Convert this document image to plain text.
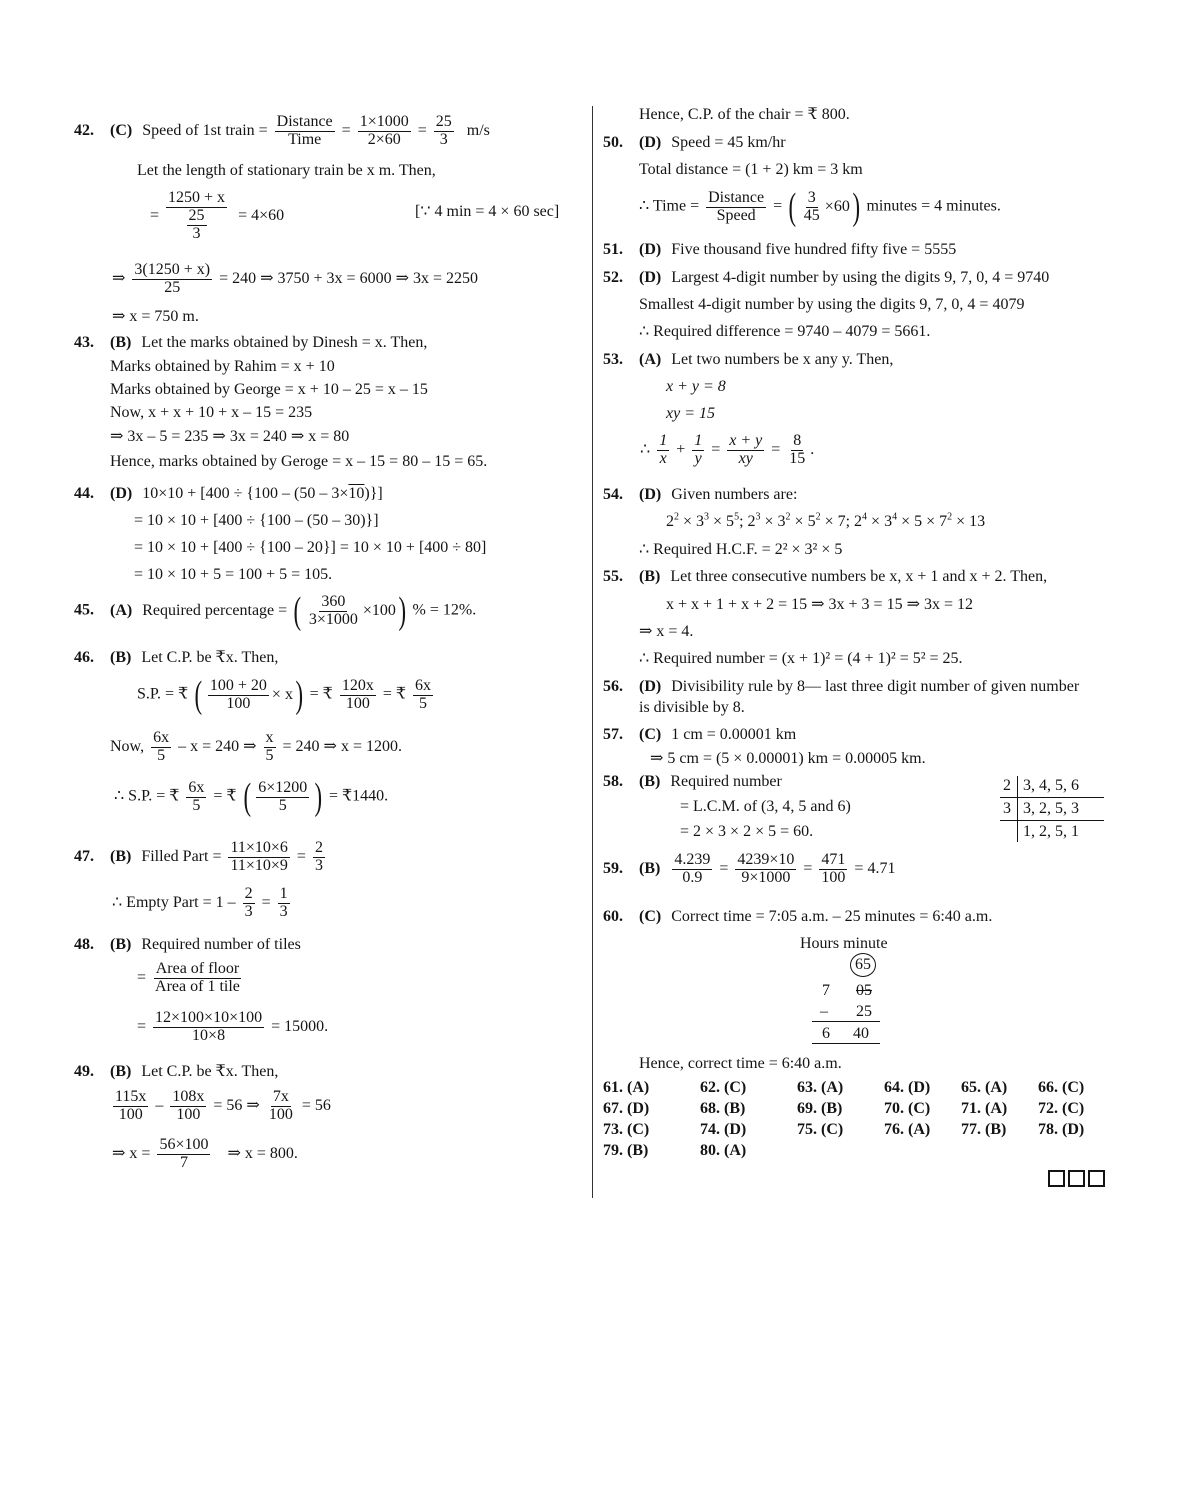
42. (C) Speed of 1st train = $\frac{\text{Distance}}{\text{Time}} = \frac{1\times 1000}{2\times 60} = \frac{25}{3} m/s$
Let the length of stationary train be x m. Then,
= $\frac{1250 + x}{\frac{25}{3}} = 4\times 60$	[∵ 4 min = 4 × 60 sec]
⇒ $\frac{3(1250 + x)}{25} = 240$ ⇒ 3750 + 3x = 6000 ⇒ 3x = 2250
⇒ x = 750 m.
43. (B) Let the marks obtained by Dinesh = x. Then,
Marks obtained by Rahim = x + 10
Marks obtained by George = x + 10 – 25 = x – 15
Now, x + x + 10 + x – 15 = 235
⇒ 3x – 5 = 235 ⇒ 3x = 240 ⇒ x = 80
Hence, marks obtained by Geroge = x – 15 = 80 – 15 = 65.
44. (D) 10×10 + [400 ÷ {100 – (50 – 3×10)}]
= 10 × 10 + [400 ÷ {100 – (50 – 30)}]
= 10 × 10 + [400 ÷ {100 – 20}] = 10 × 10 + [400 ÷ 80]
= 10 × 10 + 5 = 100 + 5 = 105.
45. (A) Required percentage = ( $\frac{360}{3\times 1000} \times 100$ ) % = 12%.
46. (B) Let C.P. be ₹x. Then,
S.P. = ₹ ( $\frac{100 + 20}{100} \times x$ ) = ₹ $\frac{120x}{100}$ = ₹ $\frac{6x}{5}$
Now, $\frac{6x}{5} - x = 240$ ⇒ $\frac{x}{5} = 240$ ⇒ x = 1200.
∴ S.P. = ₹ $\frac{6x}{5}$ = ₹ ( $\frac{6\times 1200}{5}$ ) = ₹1440.
47. (B) Filled Part = $\frac{11\times 10\times 6}{11\times 10\times 9} = \frac{2}{3}$
∴ Empty Part = $1 - \frac{2}{3} = \frac{1}{3}$
48. (B) Required number of tiles
= $\frac{\text{Area of floor}}{\text{Area of 1 tile}}$
= $\frac{12\times 100\times 10\times 100}{10\times 8} = 15000$.
49. (B) Let C.P. be ₹x. Then,
$\frac{115x}{100} - \frac{108x}{100} = 56$ ⇒ $\frac{7x}{100} = 56$
⇒ $x = \frac{56\times 100}{7}$ ⇒ x = 800.
Hence, C.P. of the chair = ₹ 800.
50. (D) Speed = 45 km/hr
Total distance = (1 + 2) km = 3 km
∴ Time = $\frac{\text{Distance}}{\text{Speed}}$ = ( $\frac{3}{45} \times 60$ ) minutes = 4 minutes.
51. (D) Five thousand five hundred fifty five = 5555
52. (D) Largest 4-digit number by using the digits 9, 7, 0, 4 = 9740
Smallest 4-digit number by using the digits 9, 7, 0, 4 = 4079
∴ Required difference = 9740 – 4079 = 5661.
53. (A) Let two numbers be x any y. Then,
x + y = 8
xy = 15
∴ $\frac{1}{x} + \frac{1}{y} = \frac{x + y}{xy} = \frac{8}{15}$ .
54. (D) Given numbers are:
$2^2 \times 3^3 \times 5^5$; $2^3 \times 3^2 \times 5^2 \times 7$; $2^4 \times 3^4 \times 5 \times 7^2 \times 13$
∴ Required H.C.F. = 2² × 3² × 5
55. (B) Let three consecutive numbers be x, x + 1 and x + 2. Then,
x + x + 1 + x + 2 = 15 ⇒ 3x + 3 = 15 ⇒ 3x = 12
⇒ x = 4.
∴ Required number = (x + 1)² = (4 + 1)² = 5² = 25.
56. (D) Divisibility rule by 8— last three digit number of given number
is divisible by 8.
57. (C) 1 cm = 0.00001 km
⇒ 5 cm = (5 × 0.00001) km = 0.00005 km.
58. (B) Required number
= L.C.M. of (3, 4, 5 and 6)
= 2 × 3 × 2 × 5 = 60.
2 3, 4, 5, 6
3 3, 2, 5, 3
1, 2, 5, 1
59. $(B) \frac{4.239}{0.9} = \frac{4239\times 10}{9\times 1000} = \frac{471}{100} = 4.71$
60. (C) Correct time = 7:05 a.m. – 25 minutes = 6:40 a.m.
Hours minute
65
7 05
– 25
6 40
Hence, correct time = 6:40 a.m.
61. (A)	62. (C)	63. (A)	64. (D) 65. (A) 66. (C)
67. (D)	68. (B)	69. (B)	70. (C) 71. (A) 72. (C)
73. (C)	74. (D)	75. (C)	76. (A) 77. (B) 78. (D)
79. (B)	80. (A)
